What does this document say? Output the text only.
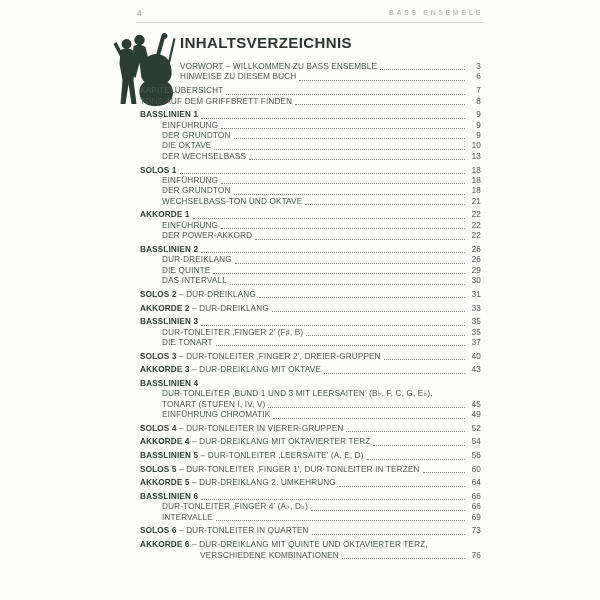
4	BASS ENSEMBLE
INHALTSVERZEICHNIS
VORWORT – WILLKOMMEN ZU BASS ENSEMBLE	3
HINWEISE ZU DIESEM BUCH	6
KAPITELÜBERSICHT	7
TÖNE AUF DEM GRIFFBRETT FINDEN	8
BASSLINIEN 1	9
EINFÜHRUNG	9
DER GRUNDTON	9
DIE OKTAVE	10
DER WECHSELBASS	13
SOLOS 1	18
EINFÜHRUNG	18
DER GRUNDTON	18
WECHSELBASS-TON UND OKTAVE	21
AKKORDE 1	22
EINFÜHRUNG	22
DER POWER-AKKORD	22
BASSLINIEN 2	26
DUR-DREIKLANG	26
DIE QUINTE	29
DAS INTERVALL	30
SOLOS 2 – DUR-DREIKLANG	31
AKKORDE 2 – DUR-DREIKLANG	33
BASSLINIEN 3	35
DUR-TONLEITER ‚FINGER 2’ (F♯, B)	35
DIE TONART	37
SOLOS 3 – DUR-TONLEITER ‚FINGER 2’, DREIER-GRUPPEN	40
AKKORDE 3 – DUR-DREIKLANG MIT OKTAVE	43
BASSLINIEN 4
DUR-TONLEITER ‚BUND 1 UND 3 MIT LEERSAITEN’ (B♭, F, C, G, E♭),
TONART (STUFEN I, IV, V)	45
EINFÜHRUNG CHROMATIK	49
SOLOS 4 – DUR-TONLEITER IN VIERER-GRUPPEN	52
AKKORDE 4 – DUR-DREIKLANG MIT OKTAVIERTER TERZ	54
BASSLINIEN 5 – DUR-TONLEITER ‚LEERSAITE’ (A, E, D)	56
SOLOS 5 – DUR-TONLEITER ‚FINGER 1’, DUR-TONLEITER IN TERZEN	60
AKKORDE 5 – DUR-DREIKLANG 2. UMKEHRUNG	64
BASSLINIEN 6	66
DUR-TONLEITER ‚FINGER 4’ (A♭, D♭)	66
INTERVALLE	69
SOLOS 6 – DUR-TONLEITER IN QUARTEN	73
AKKORDE 6 – DUR-DREIKLANG MIT QUINTE UND OKTAVIERTER TERZ,
VERSCHIEDENE KOMBINATIONEN	76
